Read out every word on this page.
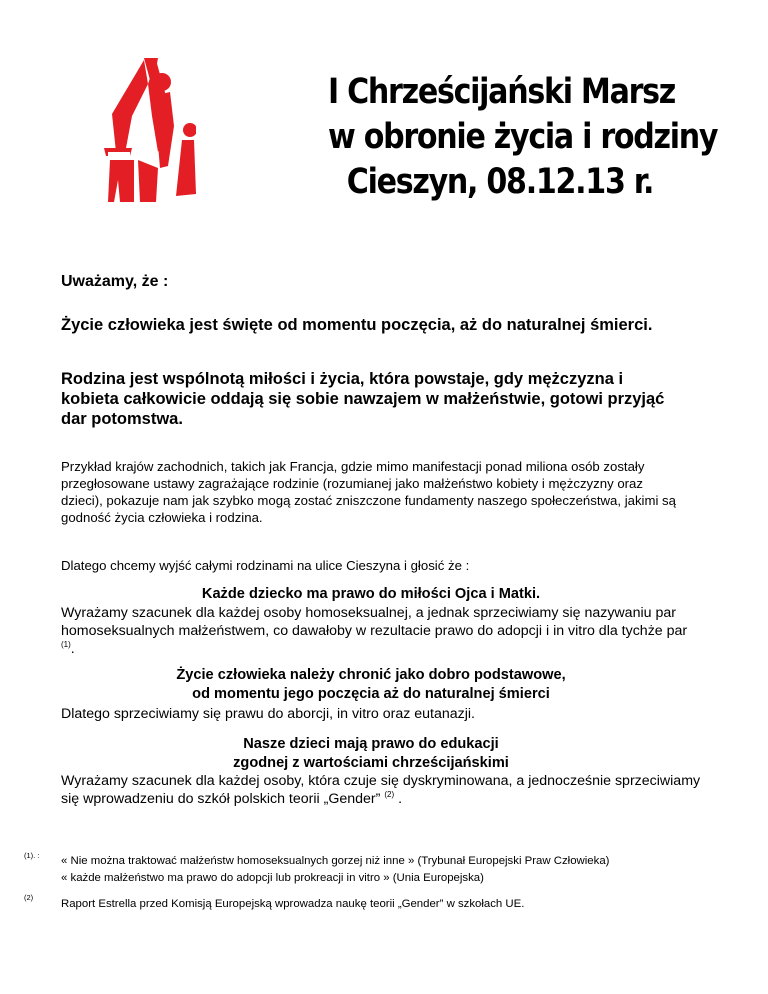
I Chrześcijański Marsz
w obronie życia i rodziny
Cieszyn, 08.12.13 r.
Uważamy, że :
Życie człowieka jest święte od momentu poczęcia, aż do naturalnej śmierci.
Rodzina jest wspólnotą miłości i życia, która powstaje, gdy mężczyzna i kobieta całkowicie oddają się sobie nawzajem w małżeństwie, gotowi przyjąć dar potomstwa.
Przykład krajów zachodnich, takich jak Francja, gdzie mimo manifestacji ponad miliona osób zostały przegłosowane ustawy zagrażające rodzinie (rozumianej jako małżeństwo kobiety i mężczyzny oraz dzieci), pokazuje nam jak szybko mogą zostać zniszczone fundamenty naszego społeczeństwa, jakimi są godność życia człowieka i rodzina.
Dlatego chcemy wyjść całymi rodzinami na ulice Cieszyna i głosić że :
Każde dziecko ma prawo do miłości Ojca i Matki.
Wyrażamy szacunek dla każdej osoby homoseksualnej, a jednak sprzeciwiamy się nazywaniu par homoseksualnych małżeństwem, co dawałoby w rezultacie prawo do adopcji i in vitro dla tychże par $^{(1)}$.
Życie człowieka należy chronić jako dobro podstawowe,
od momentu jego poczęcia aż do naturalnej śmierci
Dlatego sprzeciwiamy się prawu do aborcji, in vitro oraz eutanazji.
Nasze dzieci mają prawo do edukacji
zgodnej z wartościami chrześcijańskimi
Wyrażamy szacunek dla każdej osoby, która czuje się dyskryminowana, a jednocześnie sprzeciwiamy się wprowadzeniu do szkół polskich teorii „Gender” $^{(2)}$ .
(1). : « Nie można traktować małżeństw homoseksualnych gorzej niż inne » (Trybunał Europejski Praw Człowieka)
« każde małżeństwo ma prawo do adopcji lub prokreacji in vitro » (Unia Europejska)
(2)
Raport Estrella przed Komisją Europejską wprowadza naukę teorii „Gender” w szkołach UE.
